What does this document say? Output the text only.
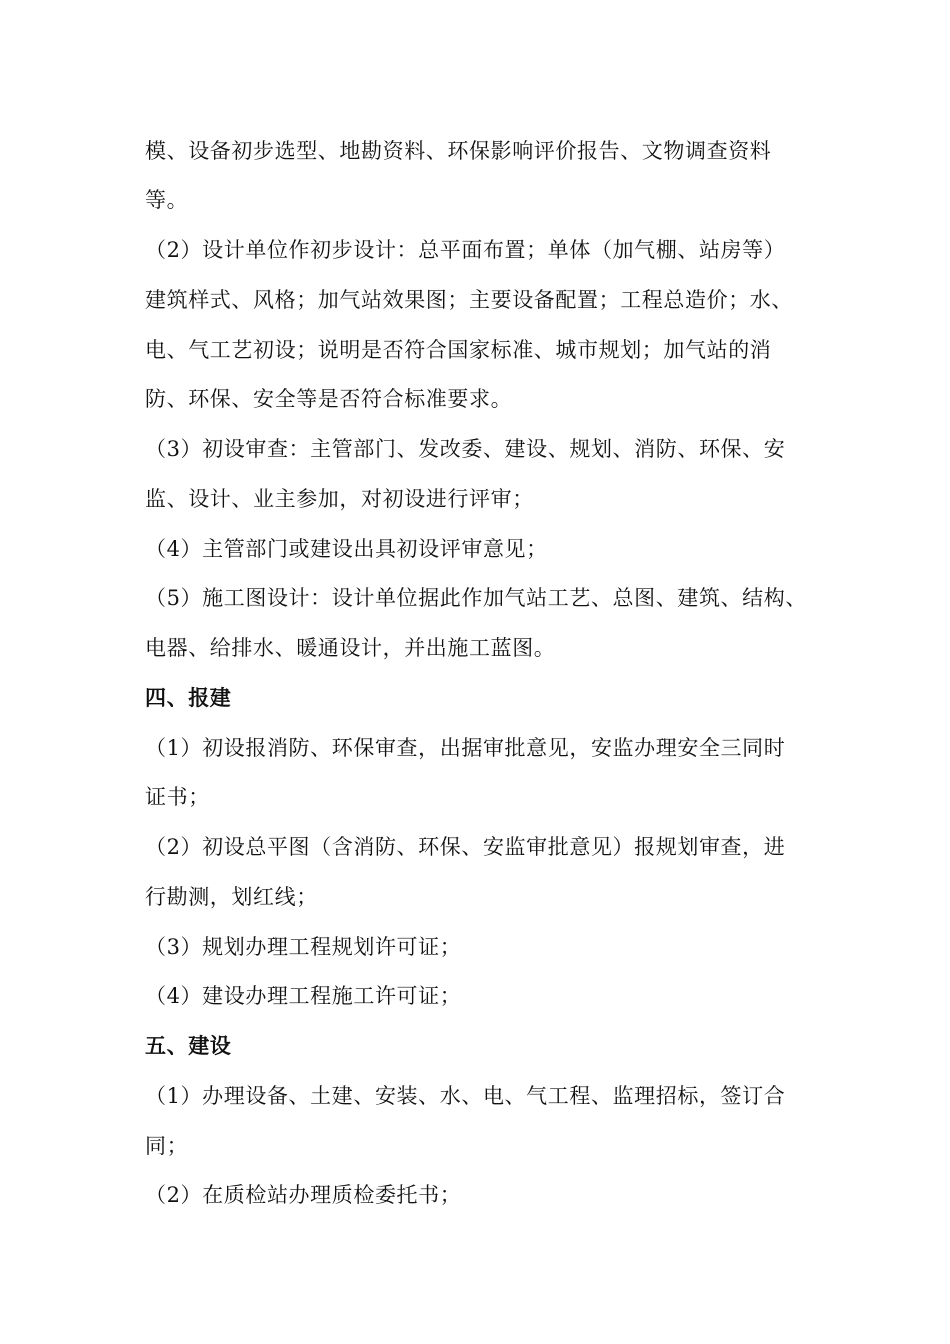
模、设备初步选型、地勘资料、环保影响评价报告、文物调查资料
等。
（2）设计单位作初步设计：总平面布置；单体（加气棚、站房等）
建筑样式、风格；加气站效果图；主要设备配置；工程总造价；水、
电、气工艺初设；说明是否符合国家标准、城市规划；加气站的消
防、环保、安全等是否符合标准要求。
（3）初设审查：主管部门、发改委、建设、规划、消防、环保、安
监、设计、业主参加，对初设进行评审；
（4）主管部门或建设出具初设评审意见；
（5）施工图设计：设计单位据此作加气站工艺、总图、建筑、结构、
电器、给排水、暖通设计，并出施工蓝图。
四、报建
（1）初设报消防、环保审查，出据审批意见，安监办理安全三同时
证书；
（2）初设总平图（含消防、环保、安监审批意见）报规划审查，进
行勘测，划红线；
（3）规划办理工程规划许可证；
（4）建设办理工程施工许可证；
五、建设
（1）办理设备、土建、安装、水、电、气工程、监理招标，签订合
同；
（2）在质检站办理质检委托书；
